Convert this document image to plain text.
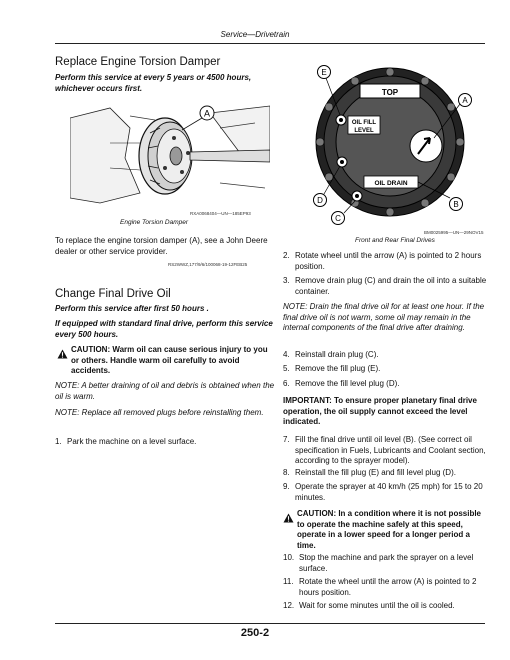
Service—Drivetrain
Replace Engine Torsion Damper
Perform this service at every 5 years or 4500 hours, whichever occurs first.
A
RXA0068404—UN—185EP93
Engine Torsion Damper
To replace the engine torsion damper (A), see a John Deere dealer or other service provider.
RS2WWZ,177/9/6/100068-19-12FEB25
Change Final Drive Oil
Perform this service after first 50 hours .
If equipped with standard final drive, perform this service every 500 hours.
CAUTION: Warm oil can cause serious injury to you or others. Handle warm oil carefully to avoid accidents.
NOTE: A better draining of oil and debris is obtained when the oil is warm.
NOTE: Replace all removed plugs before reinstalling them.
1. Park the machine on a level surface.
TOP
OIL FILL
LEVEL
OIL DRAIN
E
A
D	B
C
BM0025995—UN—29NOV15
Front and Rear Final Drives
2. Rotate wheel until the arrow (A) is pointed to 2 hours position.
3. Remove drain plug (C) and drain the oil into a suitable container.
NOTE: Drain the final drive oil for at least one hour. If the final drive oil is not warm, some oil may remain in the internal components of the final drive after draining.
4. Reinstall drain plug (C).
5. Remove the fill plug (E).
6. Remove the fill level plug (D).
IMPORTANT: To ensure proper planetary final drive operation, the oil supply cannot exceed the level indicated.
7. Fill the final drive until oil level (B). (See correct oil specification in Fuels, Lubricants and Coolant section, according to the sprayer model).
8. Reinstall the fill plug (E) and fill level plug (D).
9. Operate the sprayer at 40 km/h (25 mph) for 15 to 20 minutes.
CAUTION: In a condition where it is not possible to operate the machine safely at this speed, operate in a lower speed for a longer period a time.
10. Stop the machine and park the sprayer on a level surface.
11. Rotate the wheel until the arrow (A) is pointed to 2 hours position.
12. Wait for some minutes until the oil is cooled.
250-2
